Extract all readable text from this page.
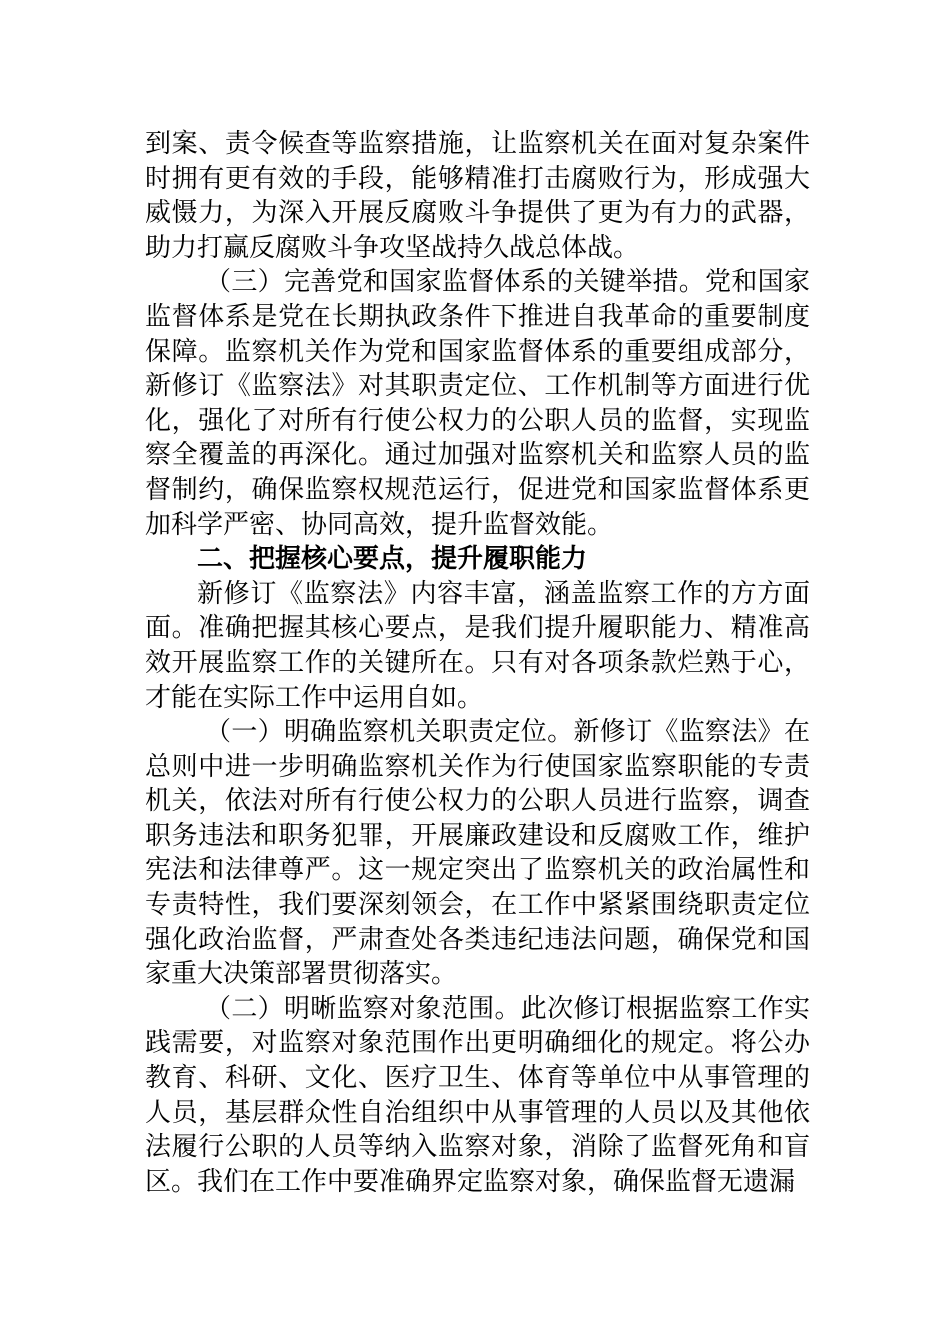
到案、责令候查等监察措施，让监察机关在面对复杂案件时拥有更有效的手段，能够精准打击腐败行为，形成强大威慑力，为深入开展反腐败斗争提供了更为有力的武器，助力打赢反腐败斗争攻坚战持久战总体战。

（三）完善党和国家监督体系的关键举措。党和国家监督体系是党在长期执政条件下推进自我革命的重要制度保障。监察机关作为党和国家监督体系的重要组成部分，新修订《监察法》对其职责定位、工作机制等方面进行优化，强化了对所有行使公权力的公职人员的监督，实现监察全覆盖的再深化。通过加强对监察机关和监察人员的监督制约，确保监察权规范运行，促进党和国家监督体系更加科学严密、协同高效，提升监督效能。

二、把握核心要点，提升履职能力

新修订《监察法》内容丰富，涵盖监察工作的方方面面。准确把握其核心要点，是我们提升履职能力、精准高效开展监察工作的关键所在。只有对各项条款烂熟于心，才能在实际工作中运用自如。

（一）明确监察机关职责定位。新修订《监察法》在总则中进一步明确监察机关作为行使国家监察职能的专责机关，依法对所有行使公权力的公职人员进行监察，调查职务违法和职务犯罪，开展廉政建设和反腐败工作，维护宪法和法律尊严。这一规定突出了监察机关的政治属性和专责特性，我们要深刻领会，在工作中紧紧围绕职责定位强化政治监督，严肃查处各类违纪违法问题，确保党和国家重大决策部署贯彻落实。

（二）明晰监察对象范围。此次修订根据监察工作实践需要，对监察对象范围作出更明确细化的规定。将公办教育、科研、文化、医疗卫生、体育等单位中从事管理的人员，基层群众性自治组织中从事管理的人员以及其他依法履行公职的人员等纳入监察对象，消除了监督死角和盲区。我们在工作中要准确界定监察对象，确保监督无遗漏
